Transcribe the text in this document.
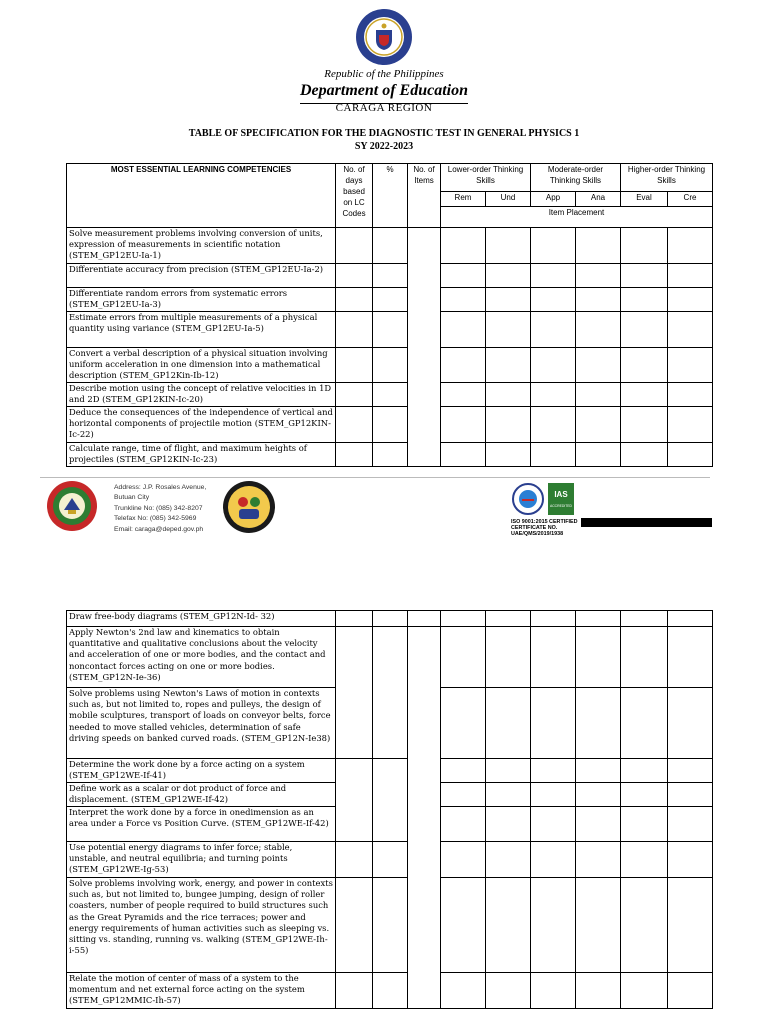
Republic of the Philippines
Department of Education
CARAGA REGION
TABLE OF SPECIFICATION FOR THE DIAGNOSTIC TEST IN GENERAL PHYSICS 1
SY 2022-2023
MOST ESSENTIAL LEARNING COMPETENCIES	No. of days based on LC Codes	%	No. of Items	Lower-order Thinking Skills		Moderate-order Thinking Skills		Higher-order Thinking Skills	
				Rem	Und	App	Ana	Eval	Cre
				Item Placement					
Solve measurement problems involving conversion of units, expression of measurements in scientific notation (STEM_GP12EU-Ia-1)									
Differentiate accuracy from precision (STEM_GP12EU-Ia-2)									
Differentiate random errors from systematic errors (STEM_GP12EU-Ia-3)									
Estimate errors from multiple measurements of a physical quantity using variance (STEM_GP12EU-Ia-5)									
Convert a verbal description of a physical situation involving uniform acceleration in one dimension into a mathematical description (STEM_GP12Kin-Ib-12)									
Describe motion using the concept of relative velocities in 1D and 2D (STEM_GP12KIN-Ic-20)									
Deduce the consequences of the independence of vertical and horizontal components of projectile motion (STEM_GP12KIN-Ic-22)									
Calculate range, time of flight, and maximum heights of projectiles (STEM_GP12KIN-Ic-23)									
Address: J.P. Rosales Avenue,
Butuan City
Trunkline No: (085) 342-8207
Telefax No: (085) 342-5969
Email: caraga@deped.gov.ph
IAS
ACCREDITED
ISO 9001:2015 CERTIFIED
CERTIFICATE NO.
UAE/QMS/2019/1938
Draw free-body diagrams (STEM_GP12N-Id- 32)										
Apply Newton's 2nd law and kinematics to obtain quantitative and qualitative conclusions about the velocity and acceleration of one or more bodies, and the contact and noncontact forces acting on one or more bodies. (STEM_GP12N-Ie-36)										
Solve problems using Newton's Laws of motion in contexts such as, but not limited to, ropes and pulleys, the design of mobile sculptures, transport of loads on conveyor belts, force needed to move stalled vehicles, determination of safe driving speeds on banked curved roads. (STEM_GP12N-Ie38)										
Determine the work done by a force acting on a system (STEM_GP12WE-If-41)										
Define work as a scalar or dot product of force and displacement. (STEM_GP12WE-If-42)										
Interpret the work done by a force in onedimension as an area under a Force vs Position Curve. (STEM_GP12WE-If-42)										
Use potential energy diagrams to infer force; stable, unstable, and neutral equilibria; and turning points (STEM_GP12WE-Ig-53)										
Solve problems involving work, energy, and power in contexts such as, but not limited to, bungee jumping, design of roller coasters, number of people required to build structures such as the Great Pyramids and the rice terraces; power and energy requirements of human activities such as sleeping vs. sitting vs. standing, running vs. walking (STEM_GP12WE-Ih-i-55)										
Relate the motion of center of mass of a system to the momentum and net external force acting on the system (STEM_GP12MMIC-Ih-57)										
